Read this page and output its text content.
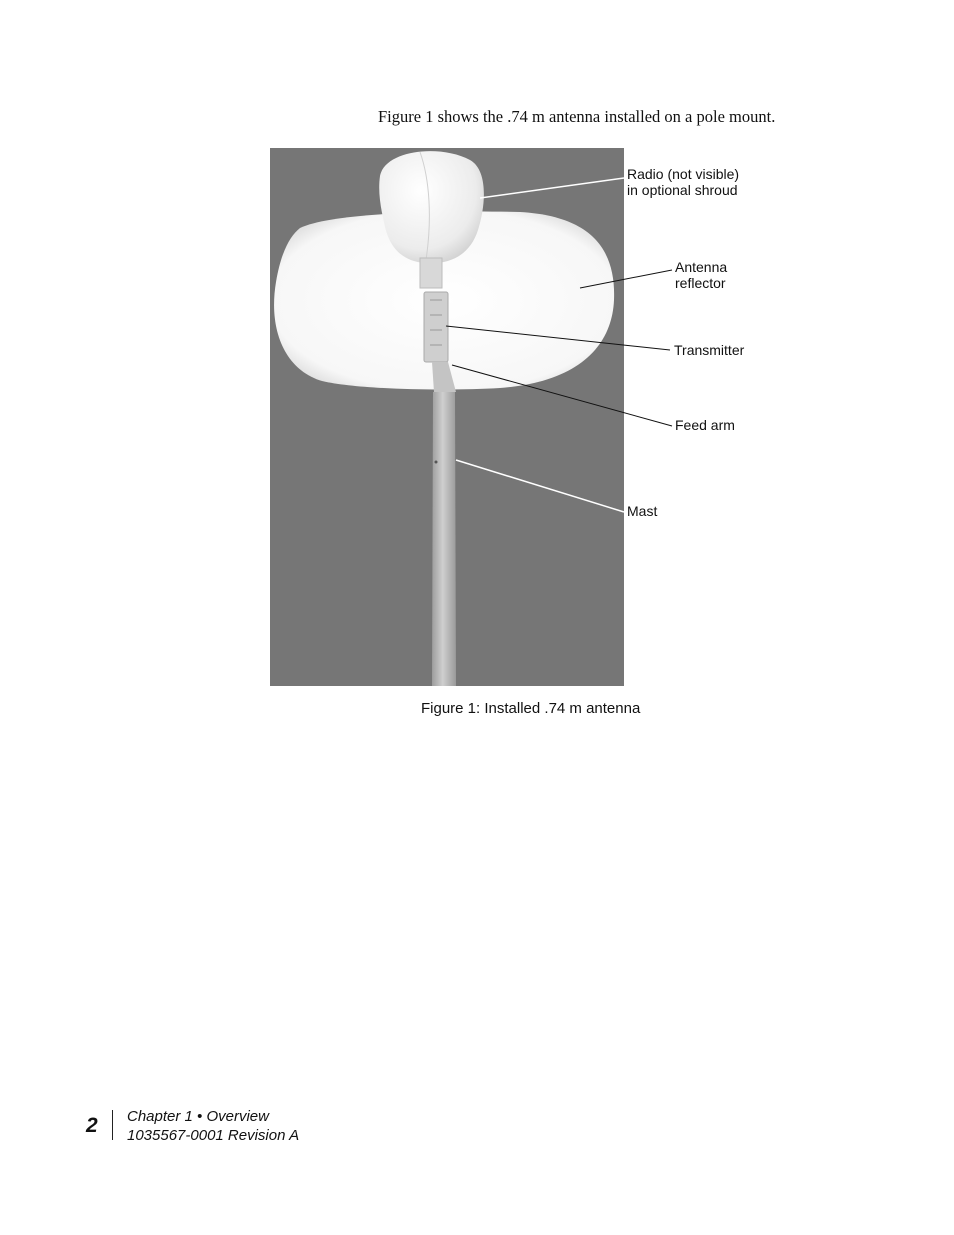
Figure 1 shows the .74 m antenna installed on a pole mount.
Radio (not visible)
in optional shroud
Antenna
reflector
Transmitter
Feed arm
Mast
Figure 1: Installed .74 m antenna
2 Chapter 1 • Overview
1035567-0001 Revision A
